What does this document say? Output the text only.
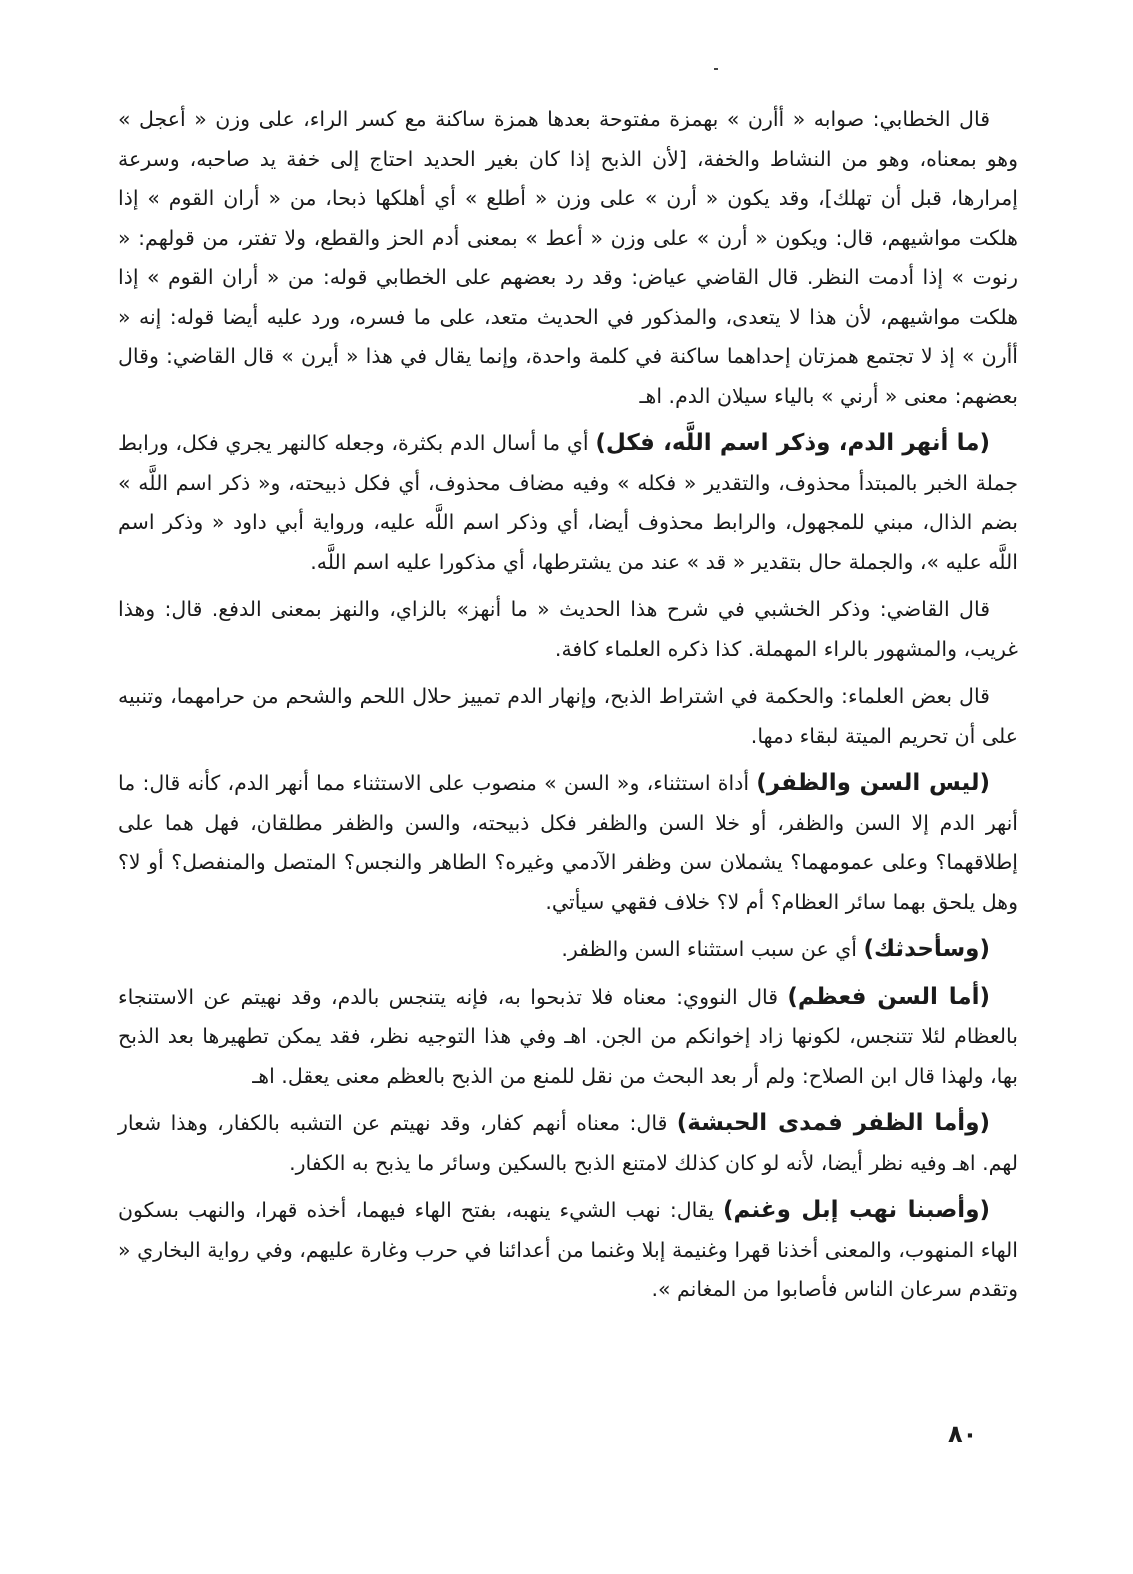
قال الخطابي: صوابه « أأرن » بهمزة مفتوحة بعدها همزة ساكنة مع كسر الراء، على وزن « أعجل » وهو بمعناه، وهو من النشاط والخفة، [لأن الذبح إذا كان بغير الحديد احتاج إلى خفة يد صاحبه، وسرعة إمرارها، قبل أن تهلك]، وقد يكون « أرن » على وزن « أطلع » أي أهلكها ذبحا، من « أران القوم » إذا هلكت مواشيهم، قال: ويكون « أرن » على وزن « أعط » بمعنى أدم الحز والقطع، ولا تفتر، من قولهم: « رنوت » إذا أدمت النظر. قال القاضي عياض: وقد رد بعضهم على الخطابي قوله: من « أران القوم » إذا هلكت مواشيهم، لأن هذا لا يتعدى، والمذكور في الحديث متعد، على ما فسره، ورد عليه أيضا قوله: إنه « أأرن » إذ لا تجتمع همزتان إحداهما ساكنة في كلمة واحدة، وإنما يقال في هذا « أيرن » قال القاضي: وقال بعضهم: معنى « أرني » بالياء سيلان الدم. اهـ

(ما أنهر الدم، وذكر اسم اللَّه، فكل) أي ما أسال الدم بكثرة، وجعله كالنهر يجري فكل، ورابط جملة الخبر بالمبتدأ محذوف، والتقدير « فكله » وفيه مضاف محذوف، أي فكل ذبيحته، و« ذكر اسم اللَّه » بضم الذال، مبني للمجهول، والرابط محذوف أيضا، أي وذكر اسم اللَّه عليه، ورواية أبي داود « وذكر اسم اللَّه عليه »، والجملة حال بتقدير « قد » عند من يشترطها، أي مذكورا عليه اسم اللَّه.

قال القاضي: وذكر الخشبي في شرح هذا الحديث « ما أنهز» بالزاي، والنهز بمعنى الدفع. قال: وهذا غريب، والمشهور بالراء المهملة. كذا ذكره العلماء كافة.

قال بعض العلماء: والحكمة في اشتراط الذبح، وإنهار الدم تمييز حلال اللحم والشحم من حرامهما، وتنبيه على أن تحريم الميتة لبقاء دمها.

(ليس السن والظفر) أداة استثناء، و« السن » منصوب على الاستثناء مما أنهر الدم، كأنه قال: ما أنهر الدم إلا السن والظفر، أو خلا السن والظفر فكل ذبيحته، والسن والظفر مطلقان، فهل هما على إطلاقهما؟ وعلى عمومهما؟ يشملان سن وظفر الآدمي وغيره؟ الطاهر والنجس؟ المتصل والمنفصل؟ أو لا؟ وهل يلحق بهما سائر العظام؟ أم لا؟ خلاف فقهي سيأتي.

(وسأحدثك) أي عن سبب استثناء السن والظفر.

(أما السن فعظم) قال النووي: معناه فلا تذبحوا به، فإنه يتنجس بالدم، وقد نهيتم عن الاستنجاء بالعظام لئلا تتنجس، لكونها زاد إخوانكم من الجن. اهـ وفي هذا التوجيه نظر، فقد يمكن تطهيرها بعد الذبح بها، ولهذا قال ابن الصلاح: ولم أر بعد البحث من نقل للمنع من الذبح بالعظم معنى يعقل. اهـ

(وأما الظفر فمدى الحبشة) قال: معناه أنهم كفار، وقد نهيتم عن التشبه بالكفار، وهذا شعار لهم. اهـ وفيه نظر أيضا، لأنه لو كان كذلك لامتنع الذبح بالسكين وسائر ما يذبح به الكفار.

(وأصبنا نهب إبل وغنم) يقال: نهب الشيء ينهبه، بفتح الهاء فيهما، أخذه قهرا، والنهب بسكون الهاء المنهوب، والمعنى أخذنا قهرا وغنيمة إبلا وغنما من أعدائنا في حرب وغارة عليهم، وفي رواية البخاري « وتقدم سرعان الناس فأصابوا من المغانم ».

٨٠
